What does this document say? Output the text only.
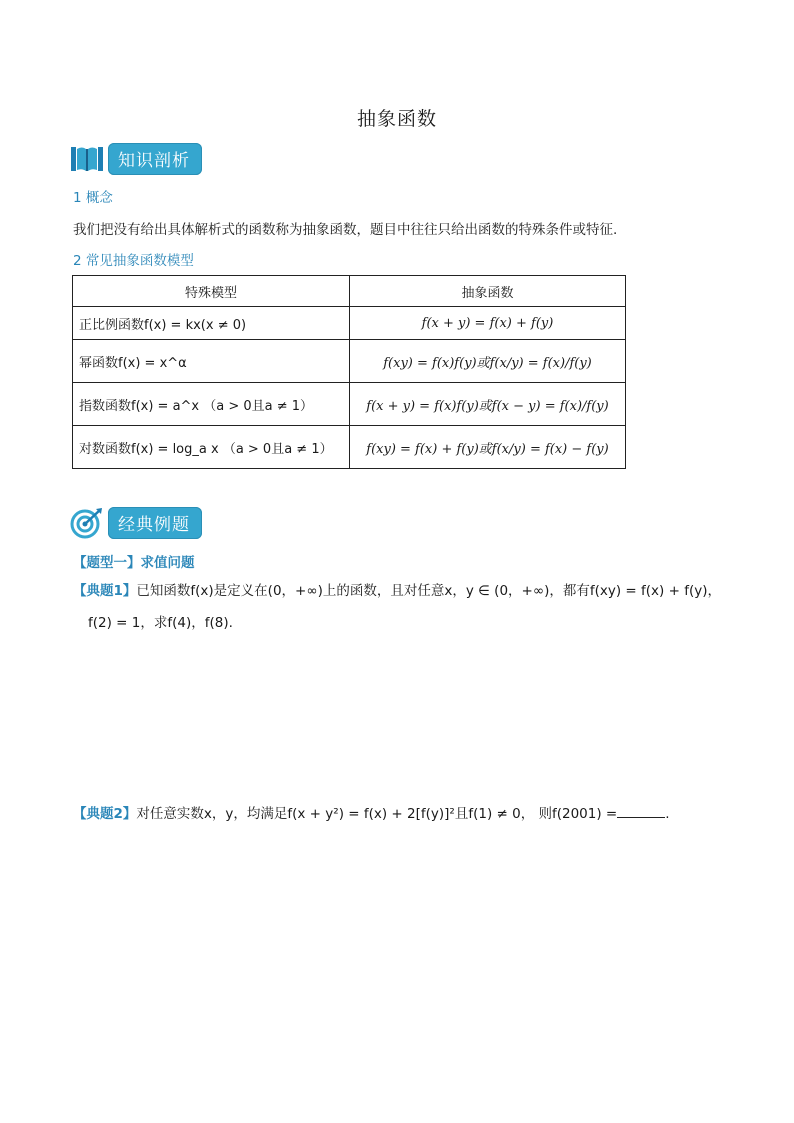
抽象函数
知识剖析
1 概念
我们把没有给出具体解析式的函数称为抽象函数，题目中往往只给出函数的特殊条件或特征.
2 常见抽象函数模型
特殊模型	抽象函数
正比例函数f(x) = kx(x ≠ 0)	f(x + y) = f(x) + f(y)
幂函数f(x) = x^α	f(xy) = f(x)f(y)或f(x/y) = f(x)/f(y)
指数函数f(x) = a^x （a > 0且a ≠ 1）	f(x + y) = f(x)f(y)或f(x − y) = f(x)/f(y)
对数函数f(x) = log_a x （a > 0且a ≠ 1）	f(xy) = f(x) + f(y)或f(x/y) = f(x) − f(y)
经典例题
【题型一】求值问题
【典题1】已知函数f(x)是定义在(0，+∞)上的函数，且对任意x，y ∈ (0，+∞)，都有f(xy) = f(x) + f(y)，
f(2) = 1，求f(4)，f(8).
【典题2】对任意实数x，y，均满足f(x + y²) = f(x) + 2[f(y)]²且f(1) ≠ 0， 则f(2001) =	.
